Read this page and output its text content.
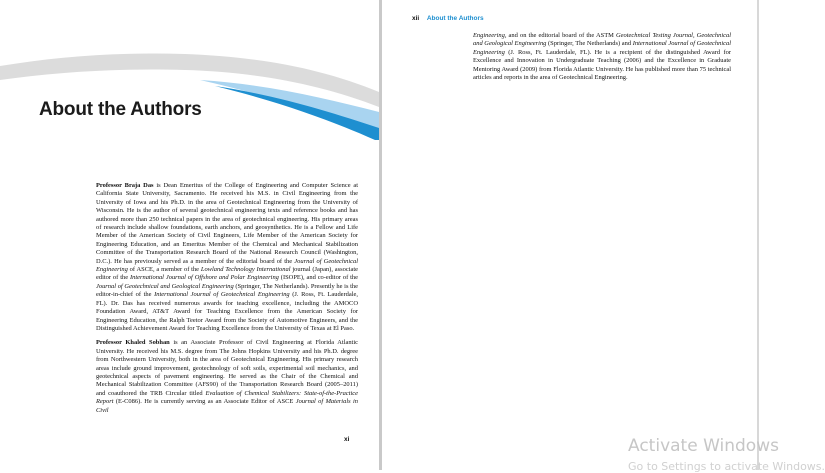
About the Authors

Professor Braja Das is Dean Emeritus of the College of Engineering and Computer Science at California State University, Sacramento. He received his M.S. in Civil Engineering from the University of Iowa and his Ph.D. in the area of Geotechnical Engineering from the University of Wisconsin. He is the author of several geotechnical engineering texts and reference books and has authored more than 250 technical papers in the area of geotechnical engineering. His primary areas of research include shallow foundations, earth anchors, and geosynthetics. He is a Fellow and Life Member of the American Society of Civil Engineers, Life Member of the American Society for Engineering Education, and an Emeritus Member of the Chemical and Mechanical Stabilization Committee of the Transportation Research Board of the National Research Council (Washington, D.C.). He has previously served as a member of the editorial board of the Journal of Geotechnical Engineering of ASCE, a member of the Lowland Technology International journal (Japan), associate editor of the International Journal of Offshore and Polar Engineering (ISOPE), and co-editor of the Journal of Geotechnical and Geological Engineering (Springer, The Netherlands). Presently he is the editor-in-chief of the International Journal of Geotechnical Engineering (J. Ross, Ft. Lauderdale, FL). Dr. Das has received numerous awards for teaching excellence, including the AMOCO Foundation Award, AT&T Award for Teaching Excellence from the American Society for Engineering Education, the Ralph Teetor Award from the Society of Automotive Engineers, and the Distinguished Achievement Award for Teaching Excellence from the University of Texas at El Paso.

Professor Khaled Sobhan is an Associate Professor of Civil Engineering at Florida Atlantic University. He received his M.S. degree from The Johns Hopkins University and his Ph.D. degree from Northwestern University, both in the area of Geotechnical Engineering. His primary research areas include ground improvement, geotechnology of soft soils, experimental soil mechanics, and geotechnical aspects of pavement engineering. He served as the Chair of the Chemical and Mechanical Stabilization Committee (AFS90) of the Transportation Research Board (2005–2011) and coauthored the TRB Circular titled Evaluation of Chemical Stabilizers: State-of-the-Practice Report (E-C086). He is currently serving as an Associate Editor of ASCE Journal of Materials in Civil

xi
xii About the Authors

Engineering, and on the editorial board of the ASTM Geotechnical Testing Journal, Geotechnical and Geological Engineering (Springer, The Netherlands) and International Journal of Geotechnical Engineering (J. Ross, Ft. Lauderdale, FL). He is a recipient of the distinguished Award for Excellence and Innovation in Undergraduate Teaching (2006) and the Excellence in Graduate Mentoring Award (2009) from Florida Atlantic University. He has published more than 75 technical articles and reports in the area of Geotechnical Engineering.

Activate Windows
Go to Settings to activate Windows.
